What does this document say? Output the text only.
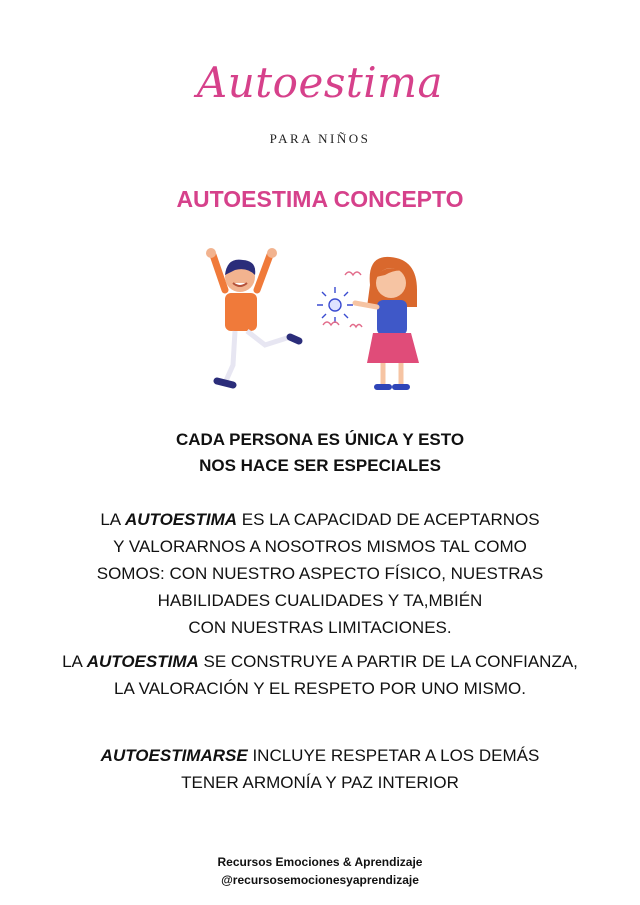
Autoestima
PARA NIÑOS
AUTOESTIMA CONCEPTO
CADA PERSONA ES ÚNICA Y ESTO
NOS HACE SER ESPECIALES
LA AUTOESTIMA ES LA CAPACIDAD DE ACEPTARNOS
Y VALORARNOS A NOSOTROS MISMOS TAL COMO
SOMOS: CON NUESTRO ASPECTO FÍSICO, NUESTRAS
HABILIDADES CUALIDADES Y TA,MBIÉN
CON NUESTRAS LIMITACIONES.
LA AUTOESTIMA SE CONSTRUYE A PARTIR DE LA CONFIANZA,
LA VALORACIÓN Y EL RESPETO POR UNO MISMO.
AUTOESTIMARSE INCLUYE RESPETAR A LOS DEMÁS
TENER ARMONÍA Y PAZ INTERIOR
Recursos Emociones & Aprendizaje
@recursosemocionesyaprendizaje
